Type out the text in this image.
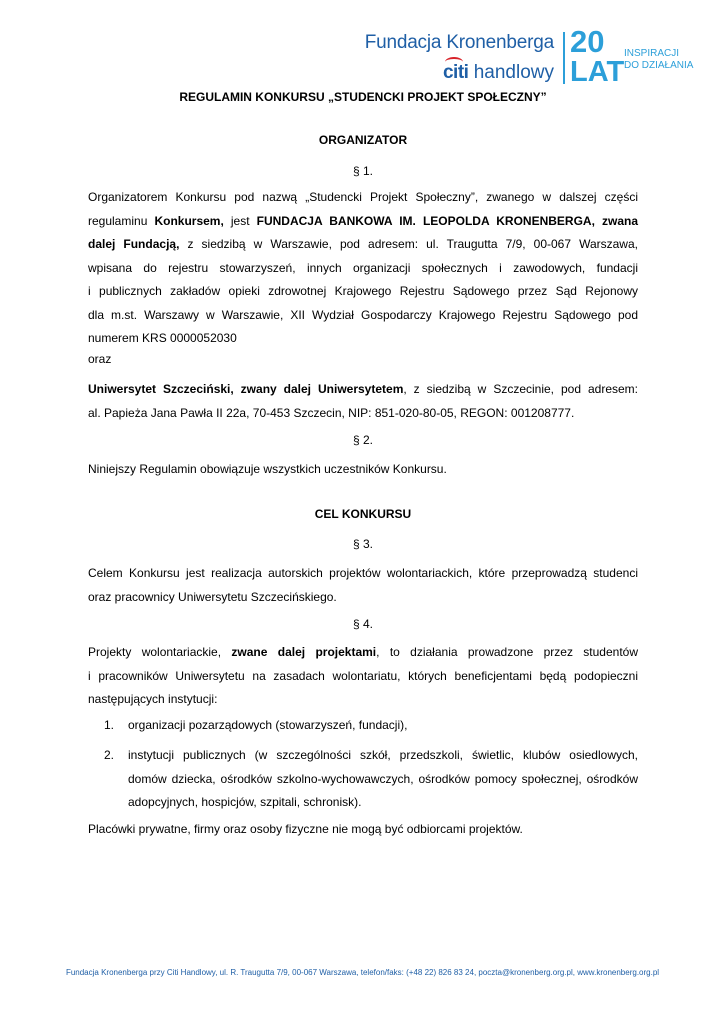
Fundacja Kronenberga
citi handlowy
20
LAT
INSPIRACJI
DO DZIAŁANIA
REGULAMIN KONKURSU „STUDENCKI PROJEKT SPOŁECZNY”
ORGANIZATOR
§ 1.
Organizatorem Konkursu pod nazwą „Studencki Projekt Społeczny”, zwanego w dalszej części
regulaminu Konkursem, jest FUNDACJA BANKOWA IM. LEOPOLDA KRONENBERGA, zwana
dalej Fundacją, z siedzibą w Warszawie, pod adresem: ul. Traugutta 7/9, 00-067 Warszawa,
wpisana do rejestru stowarzyszeń, innych organizacji społecznych i zawodowych, fundacji
i publicznych zakładów opieki zdrowotnej Krajowego Rejestru Sądowego przez Sąd Rejonowy
dla m.st. Warszawy w Warszawie, XII Wydział Gospodarczy Krajowego Rejestru Sądowego pod
numerem KRS 0000052030
oraz
Uniwersytet Szczeciński, zwany dalej Uniwersytetem, z siedzibą w Szczecinie, pod adresem:
al. Papieża Jana Pawła II 22a, 70-453 Szczecin, NIP: 851-020-80-05, REGON: 001208777.
§ 2.
Niniejszy Regulamin obowiązuje wszystkich uczestników Konkursu.
CEL KONKURSU
§ 3.
Celem Konkursu jest realizacja autorskich projektów wolontariackich, które przeprowadzą studenci
oraz pracownicy Uniwersytetu Szczecińskiego.
§ 4.
Projekty wolontariackie, zwane dalej projektami, to działania prowadzone przez studentów
i pracowników Uniwersytetu na zasadach wolontariatu, których beneficjentami będą podopieczni
następujących instytucji:
1. organizacji pozarządowych (stowarzyszeń, fundacji),
2. instytucji publicznych (w szczególności szkół, przedszkoli, świetlic, klubów osiedlowych,
domów dziecka, ośrodków szkolno-wychowawczych, ośrodków pomocy społecznej, ośrodków
adopcyjnych, hospicjów, szpitali, schronisk).
Placówki prywatne, firmy oraz osoby fizyczne nie mogą być odbiorcami projektów.
Fundacja Kronenberga przy Citi Handlowy, ul. R. Traugutta 7/9, 00-067 Warszawa, telefon/faks: (+48 22) 826 83 24, poczta@kronenberg.org.pl, www.kronenberg.org.pl
